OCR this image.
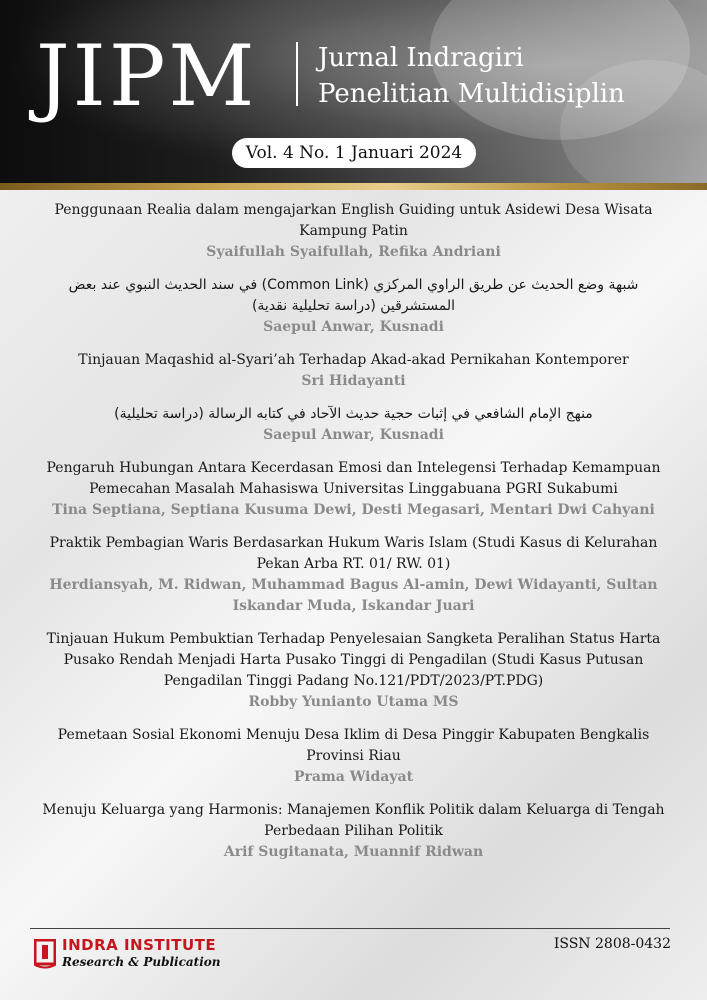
JIPM Jurnal Indragiri
Penelitian Multidisiplin
Vol. 4 No. 1 Januari 2024
Penggunaan Realia dalam mengajarkan English Guiding untuk Asidewi Desa Wisata Kampung Patin
Syaifullah Syaifullah, Refika Andriani
شبهة وضع الحديث عن طريق الراوي المركزي (Common Link) في سند الحديث النبوي عند بعض المستشرقين (دراسة تحليلية نقدية)
Saepul Anwar, Kusnadi
Tinjauan Maqashid al-Syari’ah Terhadap Akad-akad Pernikahan Kontemporer
Sri Hidayanti
منهج الإمام الشافعي في إثبات حجية حديث الآحاد في كتابه الرسالة (دراسة تحليلية)
Saepul Anwar, Kusnadi
Pengaruh Hubungan Antara Kecerdasan Emosi dan Intelegensi Terhadap Kemampuan Pemecahan Masalah Mahasiswa Universitas Linggabuana PGRI Sukabumi
Tina Septiana, Septiana Kusuma Dewi, Desti Megasari, Mentari Dwi Cahyani
Praktik Pembagian Waris Berdasarkan Hukum Waris Islam (Studi Kasus di Kelurahan Pekan Arba RT. 01/ RW. 01)
Herdiansyah, M. Ridwan, Muhammad Bagus Al-amin, Dewi Widayanti, Sultan Iskandar Muda, Iskandar Juari
Tinjauan Hukum Pembuktian Terhadap Penyelesaian Sangketa Peralihan Status Harta Pusako Rendah Menjadi Harta Pusako Tinggi di Pengadilan (Studi Kasus Putusan Pengadilan Tinggi Padang No.121/PDT/2023/PT.PDG)
Robby Yunianto Utama MS
Pemetaan Sosial Ekonomi Menuju Desa Iklim di Desa Pinggir Kabupaten Bengkalis Provinsi Riau
Prama Widayat
Menuju Keluarga yang Harmonis: Manajemen Konflik Politik dalam Keluarga di Tengah Perbedaan Pilihan Politik
Arif Sugitanata, Muannif Ridwan
INDRA INSTITUTE
Research & Publication
ISSN 2808-0432
